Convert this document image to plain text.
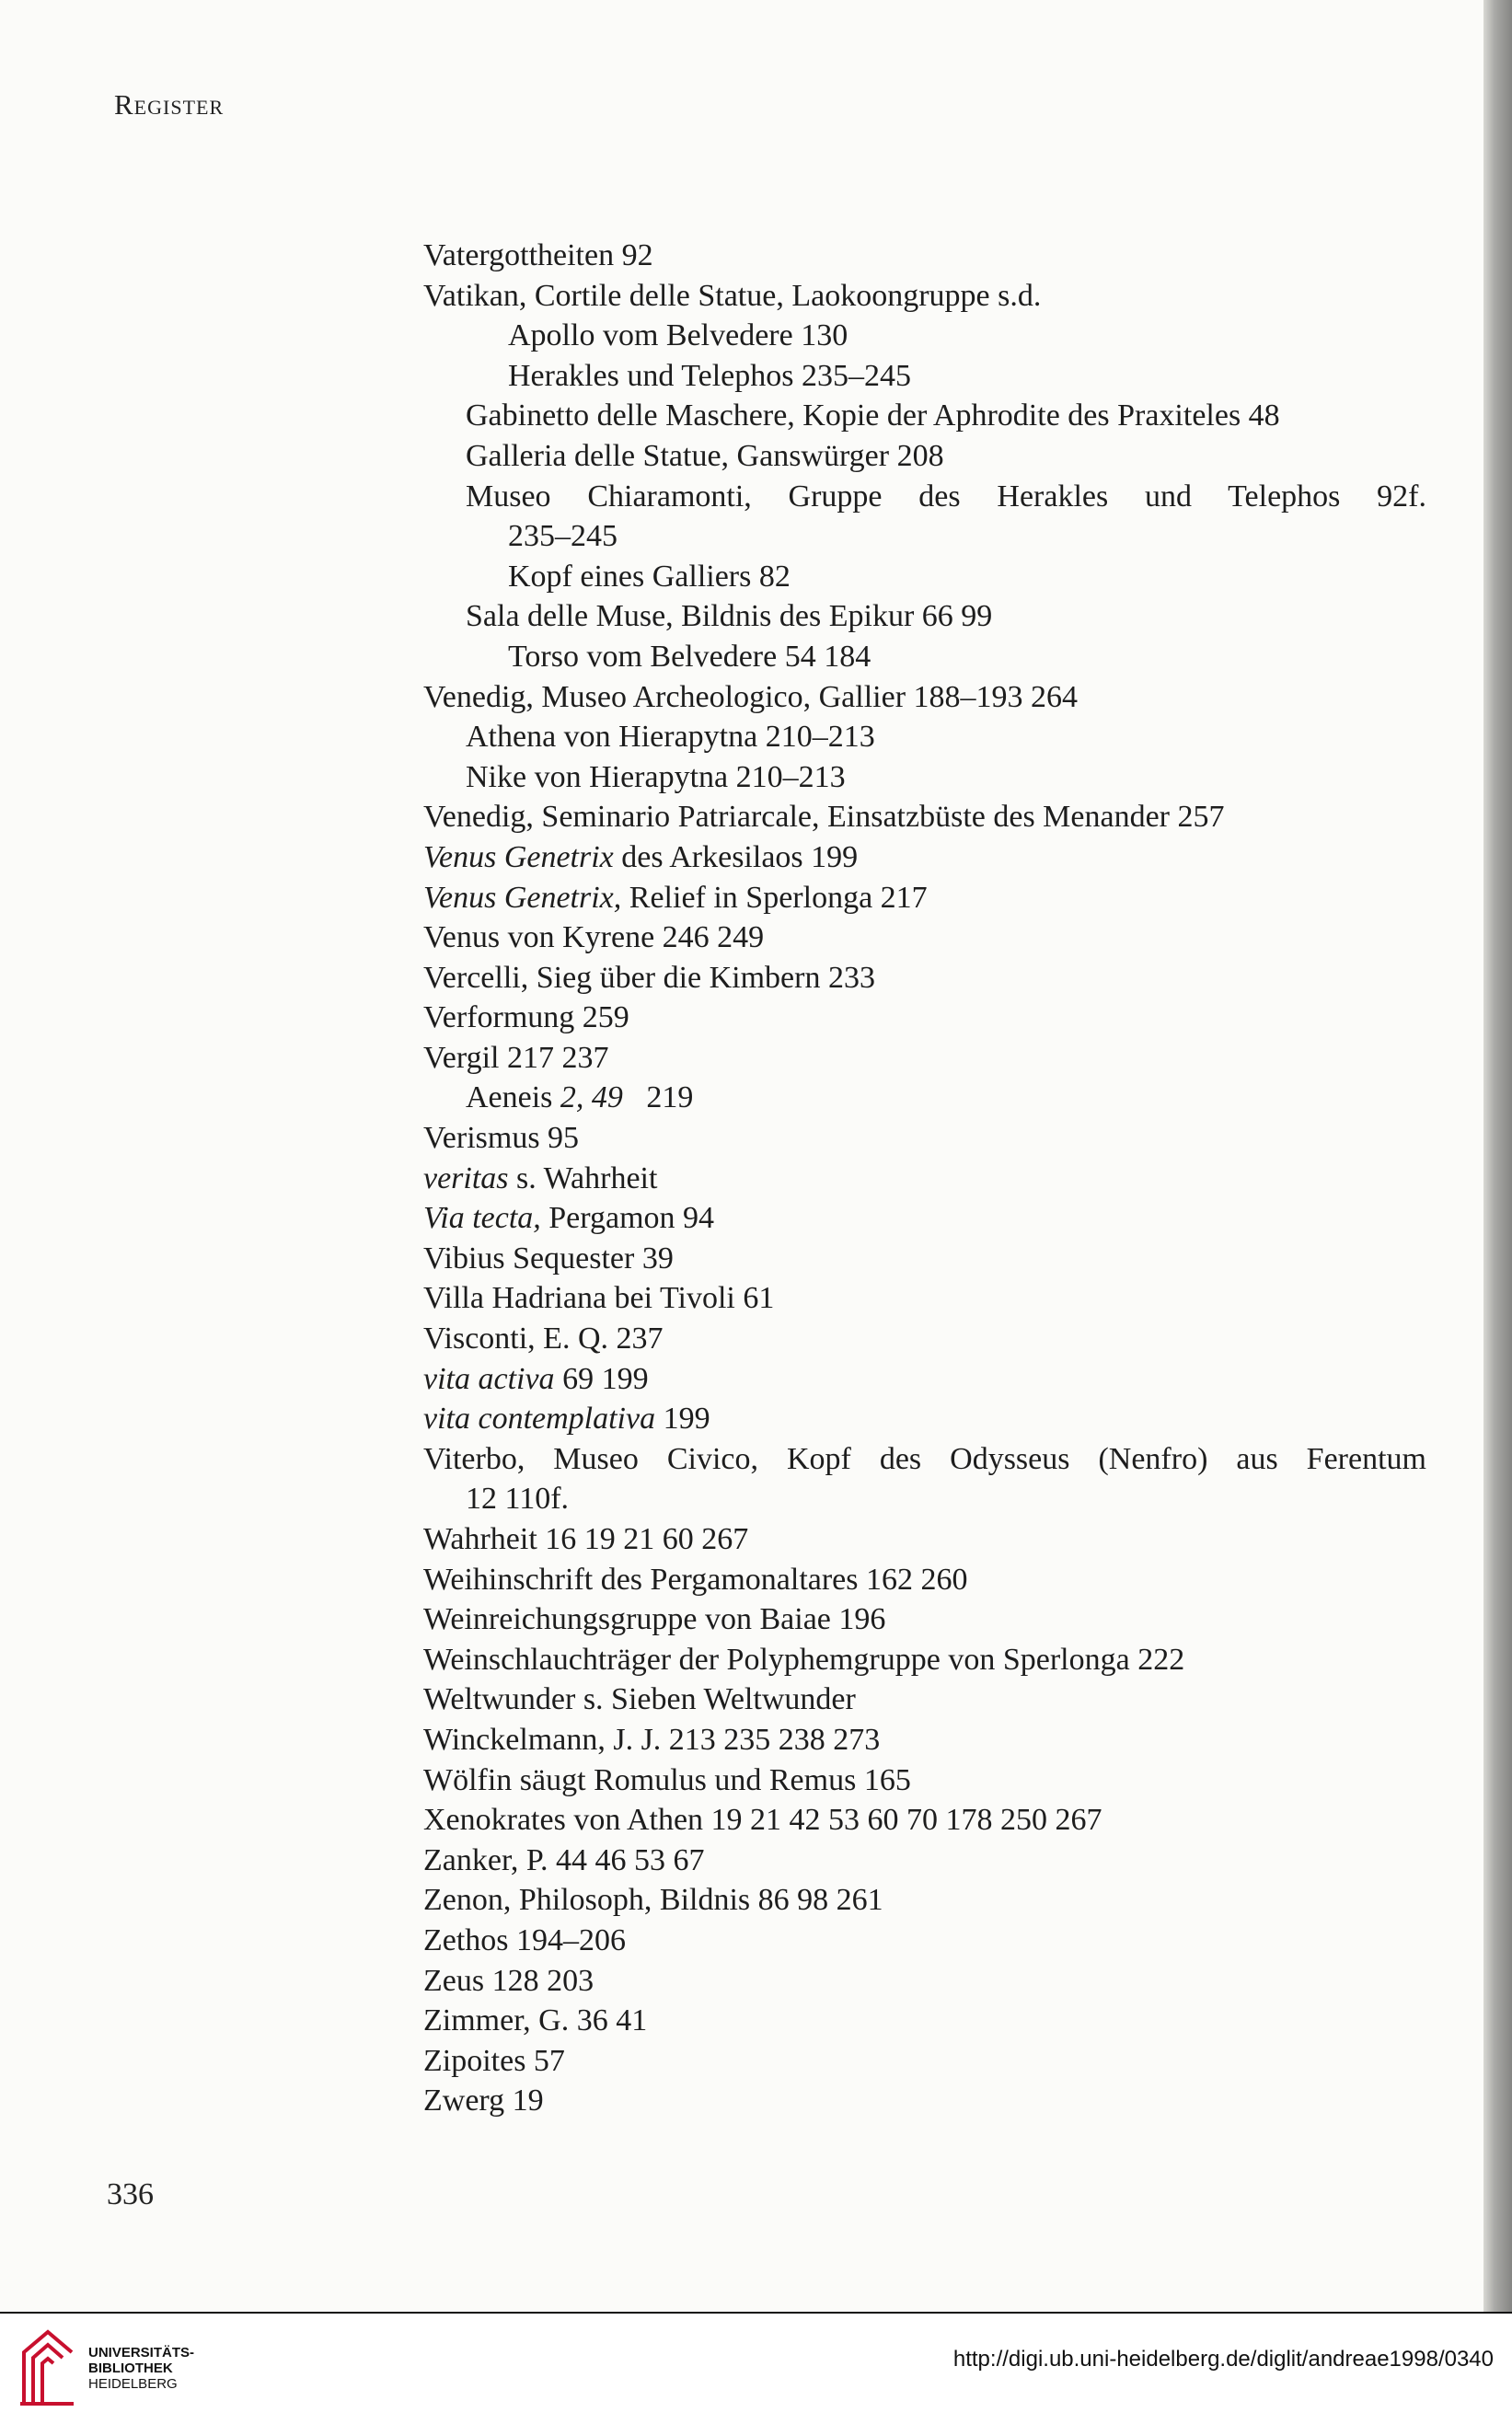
Register
Vatergottheiten 92
Vatikan, Cortile delle Statue, Laokoongruppe s.d.
Apollo vom Belvedere 130
Herakles und Telephos 235–245
Gabinetto delle Maschere, Kopie der Aphrodite des Praxiteles 48
Galleria delle Statue, Ganswürger 208
Museo Chiaramonti, Gruppe des Herakles und Telephos 92f.
235–245
Kopf eines Galliers 82
Sala delle Muse, Bildnis des Epikur 66 99
Torso vom Belvedere 54 184
Venedig, Museo Archeologico, Gallier 188–193 264
Athena von Hierapytna 210–213
Nike von Hierapytna 210–213
Venedig, Seminario Patriarcale, Einsatzbüste des Menander 257
Venus Genetrix des Arkesilaos 199
Venus Genetrix, Relief in Sperlonga 217
Venus von Kyrene 246 249
Vercelli, Sieg über die Kimbern 233
Verformung 259
Vergil 217 237
Aeneis 2, 49   219
Verismus 95
veritas s. Wahrheit
Via tecta, Pergamon 94
Vibius Sequester 39
Villa Hadriana bei Tivoli 61
Visconti, E. Q. 237
vita activa 69 199
vita contemplativa 199
Viterbo, Museo Civico, Kopf des Odysseus (Nenfro) aus Ferentum
12 110f.
Wahrheit 16 19 21 60 267
Weihinschrift des Pergamonaltares 162 260
Weinreichungsgruppe von Baiae 196
Weinschlauchträger der Polyphemgruppe von Sperlonga 222
Weltwunder s. Sieben Weltwunder
Winckelmann, J. J. 213 235 238 273
Wölfin säugt Romulus und Remus 165
Xenokrates von Athen 19 21 42 53 60 70 178 250 267
Zanker, P. 44 46 53 67
Zenon, Philosoph, Bildnis 86 98 261
Zethos 194–206
Zeus 128 203
Zimmer, G. 36 41
Zipoites 57
Zwerg 19
336
UNIVERSITÄTS-
BIBLIOTHEK
HEIDELBERG
http://digi.ub.uni-heidelberg.de/diglit/andreae1998/0340
